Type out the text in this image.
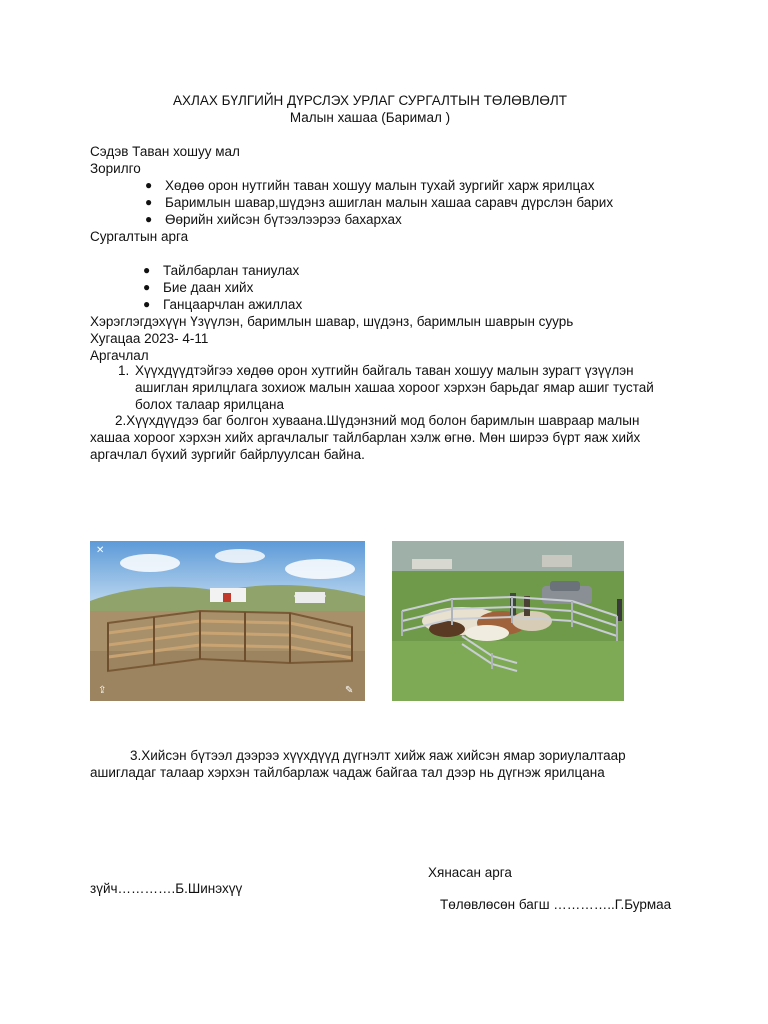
АХЛАХ БҮЛГИЙН ДҮРСЛЭХ УРЛАГ СУРГАЛТЫН ТӨЛӨВЛӨЛТ
Малын хашаа (Баримал )
Сэдэв Таван хошуу мал
Зорилго
● Хөдөө орон нутгийн таван хошуу малын тухай зургийг харж ярилцах
● Баримлын шавар,шүдэнз ашиглан малын хашаа саравч дүрслэн барих
● Өөрийн хийсэн бүтээлээрээ бахархах
Сургалтын арга
● Тайлбарлан таниулах
● Бие даан хийх
● Ганцаарчлан ажиллах
Хэрэглэгдэхүүн Үзүүлэн, баримлын шавар, шүдэнз, баримлын шаврын суурь
Хугацаа 2023- 4-11
Аргачлал
1. Хүүхдүүдтэйгээ хөдөө орон хутгийн байгаль таван хошуу малын зурагт үзүүлэн
ашиглан ярилцлага зохиож малын хашаа хороог хэрхэн барьдаг ямар ашиг тустай
болох талаар ярилцана
2.Хүүхдүүдээ баг болгон хуваана.Шүдэнзний мод болон баримлын шавраар малын
хашаа хороог хэрхэн хийх аргачлалыг тайлбарлан хэлж өгнө. Мөн ширээ бүрт яаж хийх
аргачлал бүхий зургийг байрлуулсан байна.
✕
⇪	✎
3.Хийсэн бүтээл дээрээ хүүхдүүд дүгнэлт хийж яаж хийсэн ямар зориулалтаар
ашигладаг талаар хэрхэн тайлбарлаж чадаж байгаа тал дээр нь дүгнэж ярилцана
Хянасан арга
зүйч………….Б.Шинэхүү
Төлөвлөсөн багш …………..Г.Бурмаа
